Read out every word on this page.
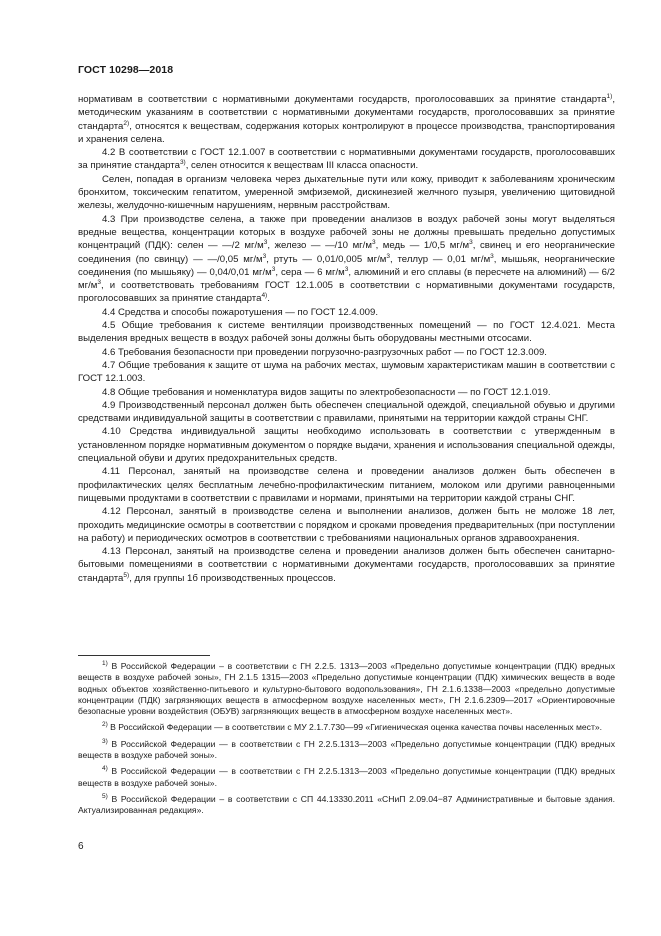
ГОСТ 10298—2018

нормативам в соответствии с нормативными документами государств, проголосовавших за принятие стандарта$^{1)}$, методическим указаниям в соответствии с нормативными документами государств, проголосовавших за принятие стандарта$^{2)}$, относятся к веществам, содержания которых контролируют в процессе производства, транспортирования и хранения селена.

4.2 В соответствии с ГОСТ 12.1.007 в соответствии с нормативными документами государств, проголосовавших за принятие стандарта$^{3)}$, селен относится к веществам III класса опасности.

Селен, попадая в организм человека через дыхательные пути или кожу, приводит к заболеваниям хроническим бронхитом, токсическим гепатитом, умеренной эмфиземой, дискинезией желчного пузыря, увеличению щитовидной железы, желудочно-кишечным нарушениям, нервным расстройствам.

4.3 При производстве селена, а также при проведении анализов в воздух рабочей зоны могут выделяться вредные вещества, концентрации которых в воздухе рабочей зоны не должны превышать предельно допустимых концентраций (ПДК): селен — —/2 $мг/м^3$, железо — —/10 $мг/м^3$, медь — 1/0,5 $мг/м^3$, свинец и его неорганические соединения (по свинцу) — —/0,05 $мг/м^3$, ртуть — 0,01/0,005 $мг/м^3$, теллур — 0,01 $мг/м^3$, мышьяк, неорганические соединения (по мышьяку) — 0,04/0,01 $мг/м^3$, сера — 6 $мг/м^3$, алюминий и его сплавы (в пересчете на алюминий) — 6/2 $мг/м^3$, и соответствовать требованиям ГОСТ 12.1.005 в соответствии с нормативными документами государств, проголосовавших за принятие стандарта$^{4)}$.

4.4 Средства и способы пожаротушения — по ГОСТ 12.4.009.

4.5 Общие требования к системе вентиляции производственных помещений — по ГОСТ 12.4.021. Места выделения вредных веществ в воздух рабочей зоны должны быть оборудованы местными отсосами.

4.6 Требования безопасности при проведении погрузочно-разгрузочных работ — по ГОСТ 12.3.009.

4.7 Общие требования к защите от шума на рабочих местах, шумовым характеристикам машин в соответствии с ГОСТ 12.1.003.

4.8 Общие требования и номенклатура видов защиты по электробезопасности — по ГОСТ 12.1.019.

4.9 Производственный персонал должен быть обеспечен специальной одеждой, специальной обувью и другими средствами индивидуальной защиты в соответствии с правилами, принятыми на территории каждой страны СНГ.

4.10 Средства индивидуальной защиты необходимо использовать в соответствии с утвержденным в установленном порядке нормативным документом о порядке выдачи, хранения и использования специальной одежды, специальной обуви и других предохранительных средств.

4.11 Персонал, занятый на производстве селена и проведении анализов должен быть обеспечен в профилактических целях бесплатным лечебно-профилактическим питанием, молоком или другими равноценными пищевыми продуктами в соответствии с правилами и нормами, принятыми на территории каждой страны СНГ.

4.12 Персонал, занятый в производстве селена и выполнении анализов, должен быть не моложе 18 лет, проходить медицинские осмотры в соответствии с порядком и сроками проведения предварительных (при поступлении на работу) и периодических осмотров в соответствии с требованиями национальных органов здравоохранения.

4.13 Персонал, занятый на производстве селена и проведении анализов должен быть обеспечен санитарно-бытовыми помещениями в соответствии с нормативными документами государств, проголосовавших за принятие стандарта$^{5)}$, для группы 1б производственных процессов.

$^{1)}$ В Российской Федерации – в соответствии с ГН 2.2.5. 1313—2003 «Предельно допустимые концентрации (ПДК) вредных веществ в воздухе рабочей зоны», ГН 2.1.5 1315—2003 «Предельно допустимые концентрации (ПДК) химических веществ в воде водных объектов хозяйственно-питьевого и культурно-бытового водопользования», ГН 2.1.6.1338—2003 «предельно допустимые концентрации (ПДК) загрязняющих веществ в атмосферном воздухе населенных мест», ГН 2.1.6.2309—2017 «Ориентировочные безопасные уровни воздействия (ОБУВ) загрязняющих веществ в атмосферном воздухе населенных мест».

$^{2)}$ В Российской Федерации — в соответствии с МУ 2.1.7.730—99 «Гигиеническая оценка качества почвы населенных мест».

$^{3)}$ В Российской Федерации — в соответствии с ГН 2.2.5.1313—2003 «Предельно допустимые концентрации (ПДК) вредных веществ в воздухе рабочей зоны».

$^{4)}$ В Российской Федерации — в соответствии с ГН 2.2.5.1313—2003 «Предельно допустимые концентрации (ПДК) вредных веществ в воздухе рабочей зоны».

$^{5)}$ В Российской Федерации – в соответствии с СП 44.13330.2011 «СНиП 2.09.04−87 Административные и бытовые здания. Актуализированная редакция».

6
